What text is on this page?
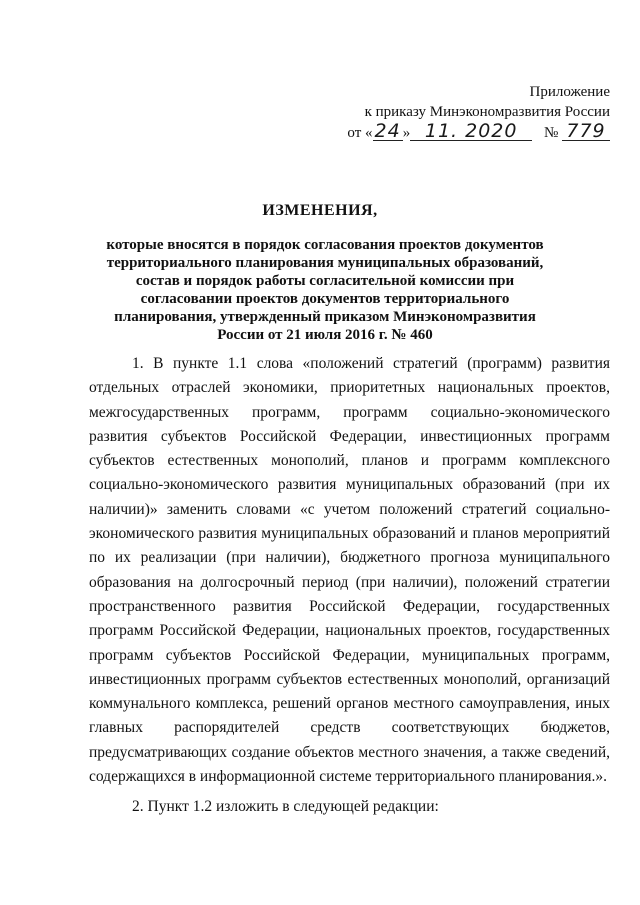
Приложение
к приказу Минэкономразвития России
от « 24 » 11. 2020 № 779
ИЗМЕНЕНИЯ,
которые вносятся в порядок согласования проектов документов территориального планирования муниципальных образований, состав и порядок работы согласительной комиссии при согласовании проектов документов территориального планирования, утвержденный приказом Минэкономразвития России от 21 июля 2016 г. № 460

1. В пункте 1.1 слова «положений стратегий (программ) развития отдельных отраслей экономики, приоритетных национальных проектов, межгосударственных программ, программ социально-экономического развития субъектов Российской Федерации, инвестиционных программ субъектов естественных монополий, планов и программ комплексного социально-экономического развития муниципальных образований (при их наличии)» заменить словами «с учетом положений стратегий социально-экономического развития муниципальных образований и планов мероприятий по их реализации (при наличии), бюджетного прогноза муниципального образования на долгосрочный период (при наличии), положений стратегии пространственного развития Российской Федерации, государственных программ Российской Федерации, национальных проектов, государственных программ субъектов Российской Федерации, муниципальных программ, инвестиционных программ субъектов естественных монополий, организаций коммунального комплекса, решений органов местного самоуправления, иных главных распорядителей средств соответствующих бюджетов, предусматривающих создание объектов местного значения, а также сведений, содержащихся в информационной системе территориального планирования.».

2. Пункт 1.2 изложить в следующей редакции:
